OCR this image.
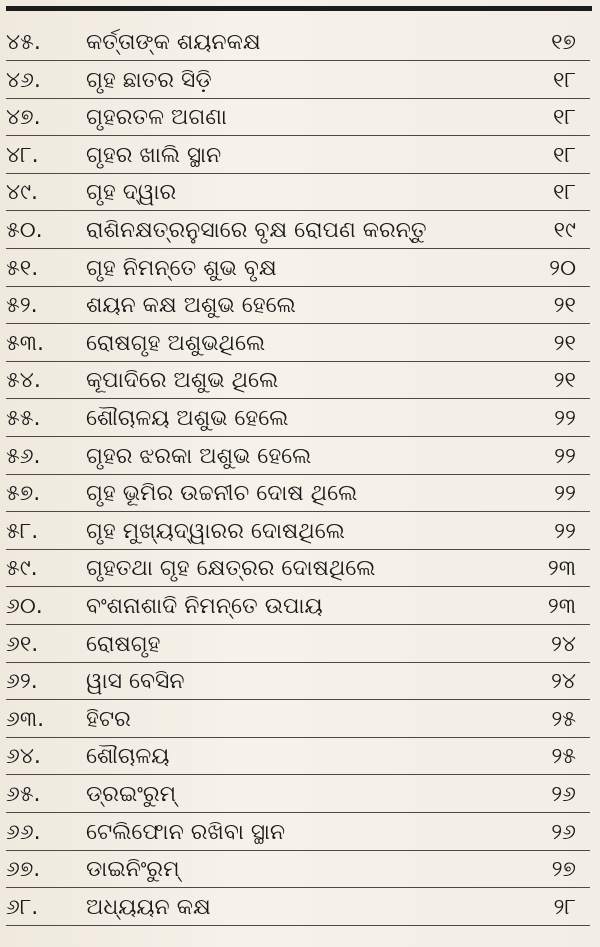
୪୫.	କର୍ତ୍ତାଙ୍କ ଶୟନକକ୍ଷ	୧୭
୪୬.	ଗୃହ ଛାତର ସିଡ଼ି	୧୮
୪୭.	ଗୃହରତଳ ଅଗଣା	୧୮
୪୮.	ଗୃହର ଖାଲି ସ୍ଥାନ	୧୮
୪୯.	ଗୃହ ଦ୍ୱାର	୧୮
୫୦.	ରାଶିନକ୍ଷତ୍ରନୁସାରେ ବୃକ୍ଷ ରୋପଣ କରନ୍ତୁ	୧୯
୫୧.	ଗୃହ ନିମନ୍ତେ ଶୁଭ ବୃକ୍ଷ	୨୦
୫୨.	ଶୟନ କକ୍ଷ ଅଶୁଭ ହେଲେ	୨୧
୫୩.	ରୋଷଗୃହ ଅଶୁଭଥିଲେ	୨୧
୫୪.	କୂପାଦିରେ ଅଶୁଭ ଥିଲେ	୨୧
୫୫.	ଶୌଚାଳୟ ଅଶୁଭ ହେଲେ	୨୨
୫୬.	ଗୃହର ଝରକା ଅଶୁଭ ହେଲେ	୨୨
୫୭.	ଗୃହ ଭୂମିର ଉଚ୍ଚନୀଚ ଦୋଷ ଥିଲେ	୨୨
୫୮.	ଗୃହ ମୁଖ୍ୟଦ୍ୱାରର ଦୋଷଥିଲେ	୨୨
୫୯.	ଗୃହତଥା ଗୃହ କ୍ଷେତ୍ରର ଦୋଷଥିଲେ	୨୩
୬୦.	ବଂଶନାଶାଦି ନିମନ୍ତେ ଉପାୟ	୨୩
୬୧.	ରୋଷଗୃହ	୨୪
୬୨.	ୱାସ ବେସିନ	୨୪
୬୩.	ହିଟର	୨୫
୬୪.	ଶୌଚାଳୟ	୨୫
୬୫.	ଡ୍ରଇଂରୁମ୍	୨୬
୬୬.	ଟେଲିଫୋନ ରଖିବା ସ୍ଥାନ	୨୬
୬୭.	ଡାଇନିଂରୁମ୍	୨୭
୬୮.	ଅଧ୍ୟୟନ କକ୍ଷ	୨୮
